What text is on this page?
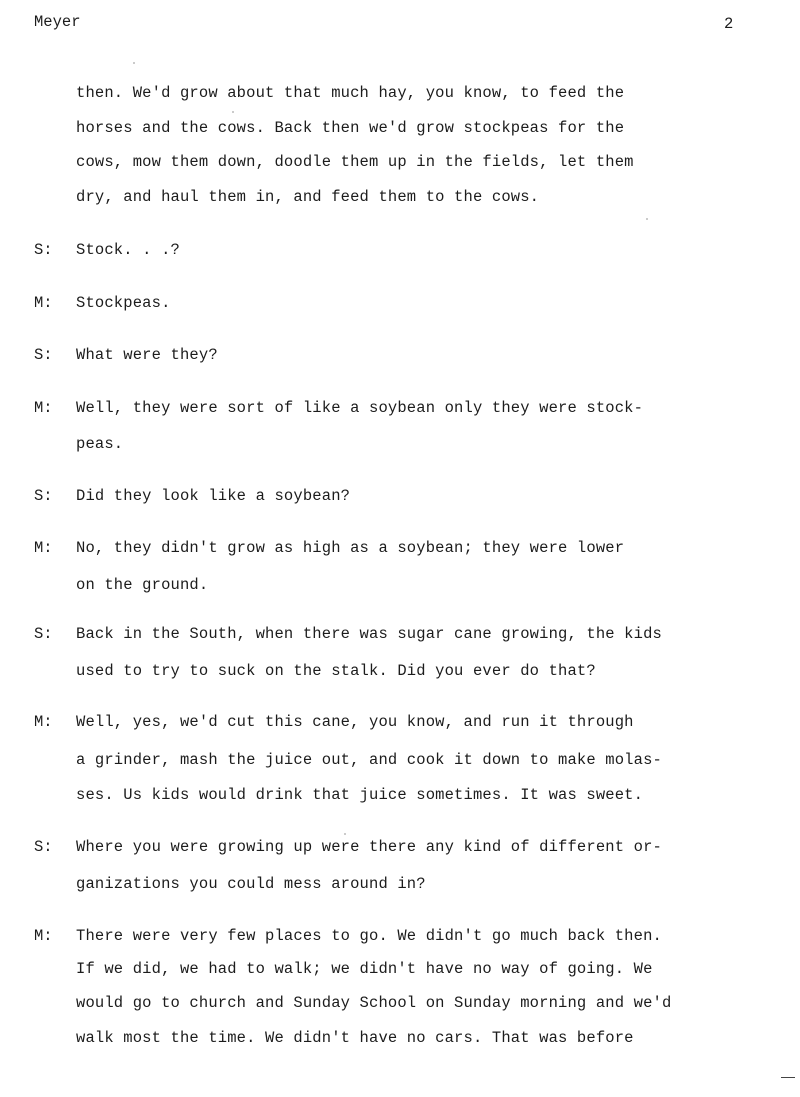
Meyer	2
then. We'd grow about that much hay, you know, to feed the
horses and the cows. Back then we'd grow stockpeas for the
cows, mow them down, doodle them up in the fields, let them
dry, and haul them in, and feed them to the cows.
S: Stock. . .?
M: Stockpeas.
S: What were they?
M: Well, they were sort of like a soybean only they were stock-
peas.
S: Did they look like a soybean?
M: No, they didn't grow as high as a soybean; they were lower
on the ground.
S: Back in the South, when there was sugar cane growing, the kids
used to try to suck on the stalk. Did you ever do that?
M: Well, yes, we'd cut this cane, you know, and run it through
a grinder, mash the juice out, and cook it down to make molas-
ses. Us kids would drink that juice sometimes. It was sweet.
S: Where you were growing up were there any kind of different or-
ganizations you could mess around in?
M: There were very few places to go. We didn't go much back then.
If we did, we had to walk; we didn't have no way of going. We
would go to church and Sunday School on Sunday morning and we'd
walk most the time. We didn't have no cars. That was before
